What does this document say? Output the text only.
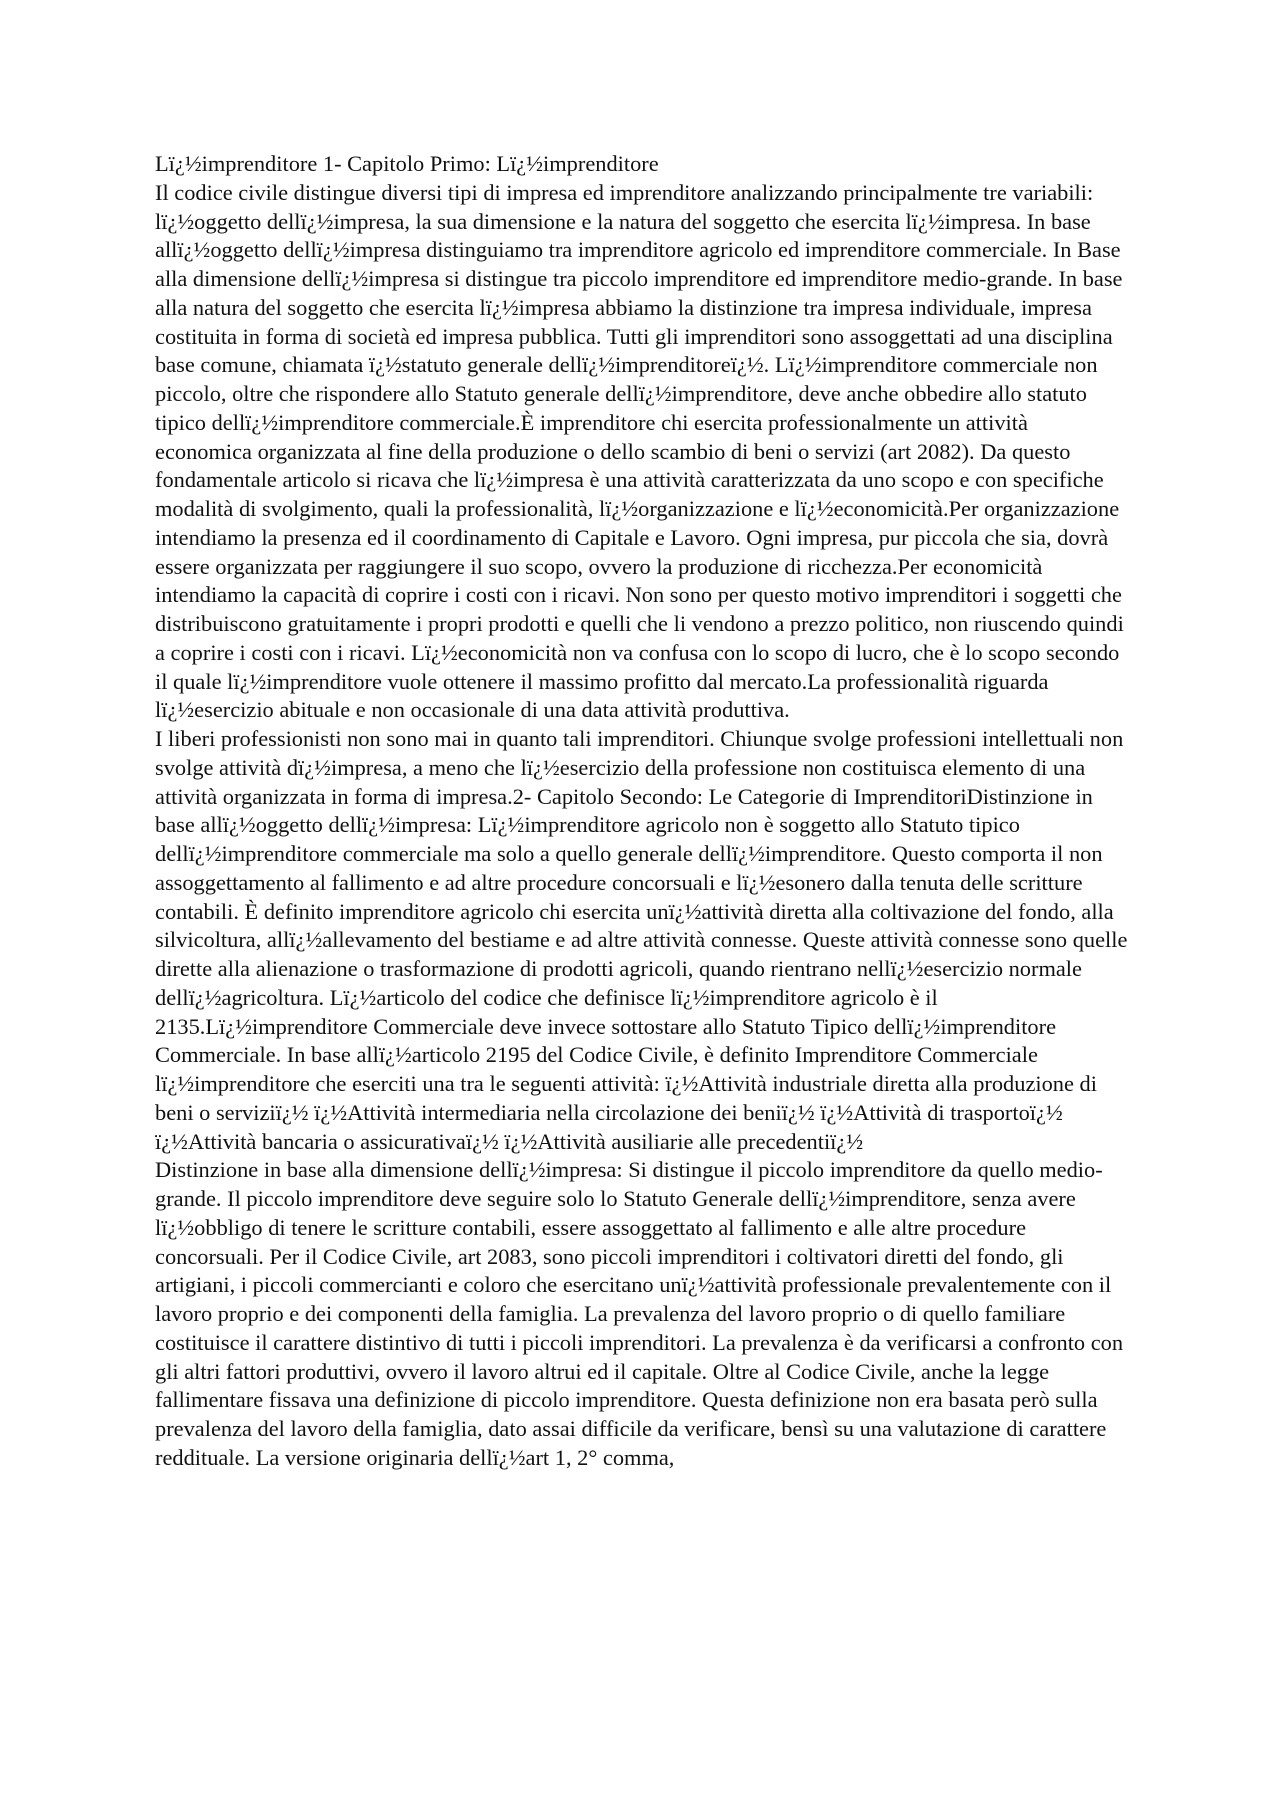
Lï¿½imprenditore 1- Capitolo Primo: Lï¿½imprenditore

Il codice civile distingue diversi tipi di impresa ed imprenditore analizzando principalmente tre variabili: lï¿½oggetto dellï¿½impresa, la sua dimensione e la natura del soggetto che esercita lï¿½impresa. In base allï¿½oggetto dellï¿½impresa distinguiamo tra imprenditore agricolo ed imprenditore commerciale. In Base alla dimensione dellï¿½impresa si distingue tra piccolo imprenditore ed imprenditore medio-grande. In base alla natura del soggetto che esercita lï¿½impresa abbiamo la distinzione tra impresa individuale, impresa costituita in forma di società ed impresa pubblica. Tutti gli imprenditori sono assoggettati ad una disciplina base comune, chiamata ï¿½statuto generale dellï¿½imprenditoreï¿½. Lï¿½imprenditore commerciale non piccolo, oltre che rispondere allo Statuto generale dellï¿½imprenditore, deve anche obbedire allo statuto tipico dellï¿½imprenditore commerciale.È imprenditore chi esercita professionalmente un attività economica organizzata al fine della produzione o dello scambio di beni o servizi (art 2082). Da questo fondamentale articolo si ricava che lï¿½impresa è una attività caratterizzata da uno scopo e con specifiche modalità di svolgimento, quali la professionalità, lï¿½organizzazione e lï¿½economicità.Per organizzazione intendiamo la presenza ed il coordinamento di Capitale e Lavoro. Ogni impresa, pur piccola che sia, dovrà essere organizzata per raggiungere il suo scopo, ovvero la produzione di ricchezza.Per economicità intendiamo la capacità di coprire i costi con i ricavi. Non sono per questo motivo imprenditori i soggetti che distribuiscono gratuitamente i propri prodotti e quelli che li vendono a prezzo politico, non riuscendo quindi a coprire i costi con i ricavi. Lï¿½economicità non va confusa con lo scopo di lucro, che è lo scopo secondo il quale lï¿½imprenditore vuole ottenere il massimo profitto dal mercato.La professionalità riguarda lï¿½esercizio abituale e non occasionale di una data attività produttiva.

I liberi professionisti non sono mai in quanto tali imprenditori. Chiunque svolge professioni intellettuali non svolge attività dï¿½impresa, a meno che lï¿½esercizio della professione non costituisca elemento di una attività organizzata in forma di impresa.2- Capitolo Secondo: Le Categorie di ImprenditoriDistinzione in base allï¿½oggetto dellï¿½impresa: Lï¿½imprenditore agricolo non è soggetto allo Statuto tipico dellï¿½imprenditore commerciale ma solo a quello generale dellï¿½imprenditore. Questo comporta il non assoggettamento al fallimento e ad altre procedure concorsuali e lï¿½esonero dalla tenuta delle scritture contabili. È definito imprenditore agricolo chi esercita unï¿½attività diretta alla coltivazione del fondo, alla silvicoltura, allï¿½allevamento del bestiame e ad altre attività connesse. Queste attività connesse sono quelle dirette alla alienazione o trasformazione di prodotti agricoli, quando rientrano nellï¿½esercizio normale dellï¿½agricoltura. Lï¿½articolo del codice che definisce lï¿½imprenditore agricolo è il 2135.Lï¿½imprenditore Commerciale deve invece sottostare allo Statuto Tipico dellï¿½imprenditore Commerciale. In base allï¿½articolo 2195 del Codice Civile, è definito Imprenditore Commerciale lï¿½imprenditore che eserciti una tra le seguenti attività: ï¿½Attività industriale diretta alla produzione di beni o serviziï¿½ ï¿½Attività intermediaria nella circolazione dei beniï¿½ ï¿½Attività di trasportoï¿½ ï¿½Attività bancaria o assicurativaï¿½ ï¿½Attività ausiliarie alle precedentiï¿½

Distinzione in base alla dimensione dellï¿½impresa: Si distingue il piccolo imprenditore da quello medio-grande. Il piccolo imprenditore deve seguire solo lo Statuto Generale dellï¿½imprenditore, senza avere lï¿½obbligo di tenere le scritture contabili, essere assoggettato al fallimento e alle altre procedure concorsuali. Per il Codice Civile, art 2083, sono piccoli imprenditori i coltivatori diretti del fondo, gli artigiani, i piccoli commercianti e coloro che esercitano unï¿½attività professionale prevalentemente con il lavoro proprio e dei componenti della famiglia. La prevalenza del lavoro proprio o di quello familiare costituisce il carattere distintivo di tutti i piccoli imprenditori. La prevalenza è da verificarsi a confronto con gli altri fattori produttivi, ovvero il lavoro altrui ed il capitale. Oltre al Codice Civile, anche la legge fallimentare fissava una definizione di piccolo imprenditore. Questa definizione non era basata però sulla prevalenza del lavoro della famiglia, dato assai difficile da verificare, bensì su una valutazione di carattere reddituale. La versione originaria dellï¿½art 1, 2° comma,
